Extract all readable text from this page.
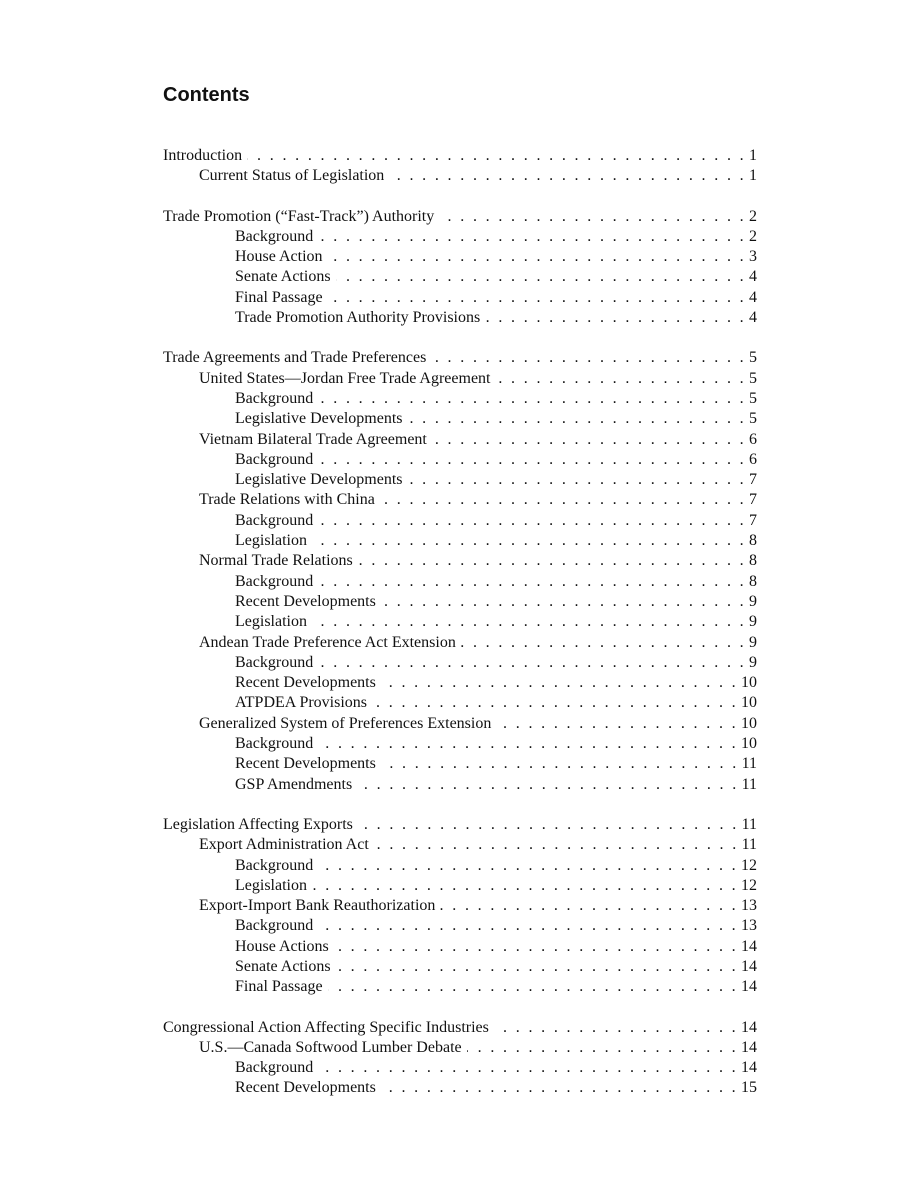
Contents
Introduction . . .	1
Current Status of Legislation . . .	1
Trade Promotion (“Fast-Track”) Authority . . .	2
Background . . .	2
House Action . . .	3
Senate Actions . . .	4
Final Passage . . .	4
Trade Promotion Authority Provisions . . .	4
Trade Agreements and Trade Preferences . . .	5
United States—Jordan Free Trade Agreement . . .	5
Background . . .	5
Legislative Developments . . .	5
Vietnam Bilateral Trade Agreement . . .	6
Background . . .	6
Legislative Developments . . .	7
Trade Relations with China . . .	7
Background . . .	7
Legislation . . .	8
Normal Trade Relations . . .	8
Background . . .	8
Recent Developments . . .	9
Legislation . . .	9
Andean Trade Preference Act Extension . . .	9
Background . . .	9
Recent Developments . . .	10
ATPDEA Provisions . . .	10
Generalized System of Preferences Extension . . .	10
Background . . .	10
Recent Developments . . .	11
GSP Amendments . . .	11
Legislation Affecting Exports . . .	11
Export Administration Act . . .	11
Background . . .	12
Legislation . . .	12
Export-Import Bank Reauthorization . . .	13
Background . . .	13
House Actions . . .	14
Senate Actions . . .	14
Final Passage . . .	14
Congressional Action Affecting Specific Industries . . .	14
U.S.—Canada Softwood Lumber Debate . . .	14
Background . . .	14
Recent Developments . . .	15
